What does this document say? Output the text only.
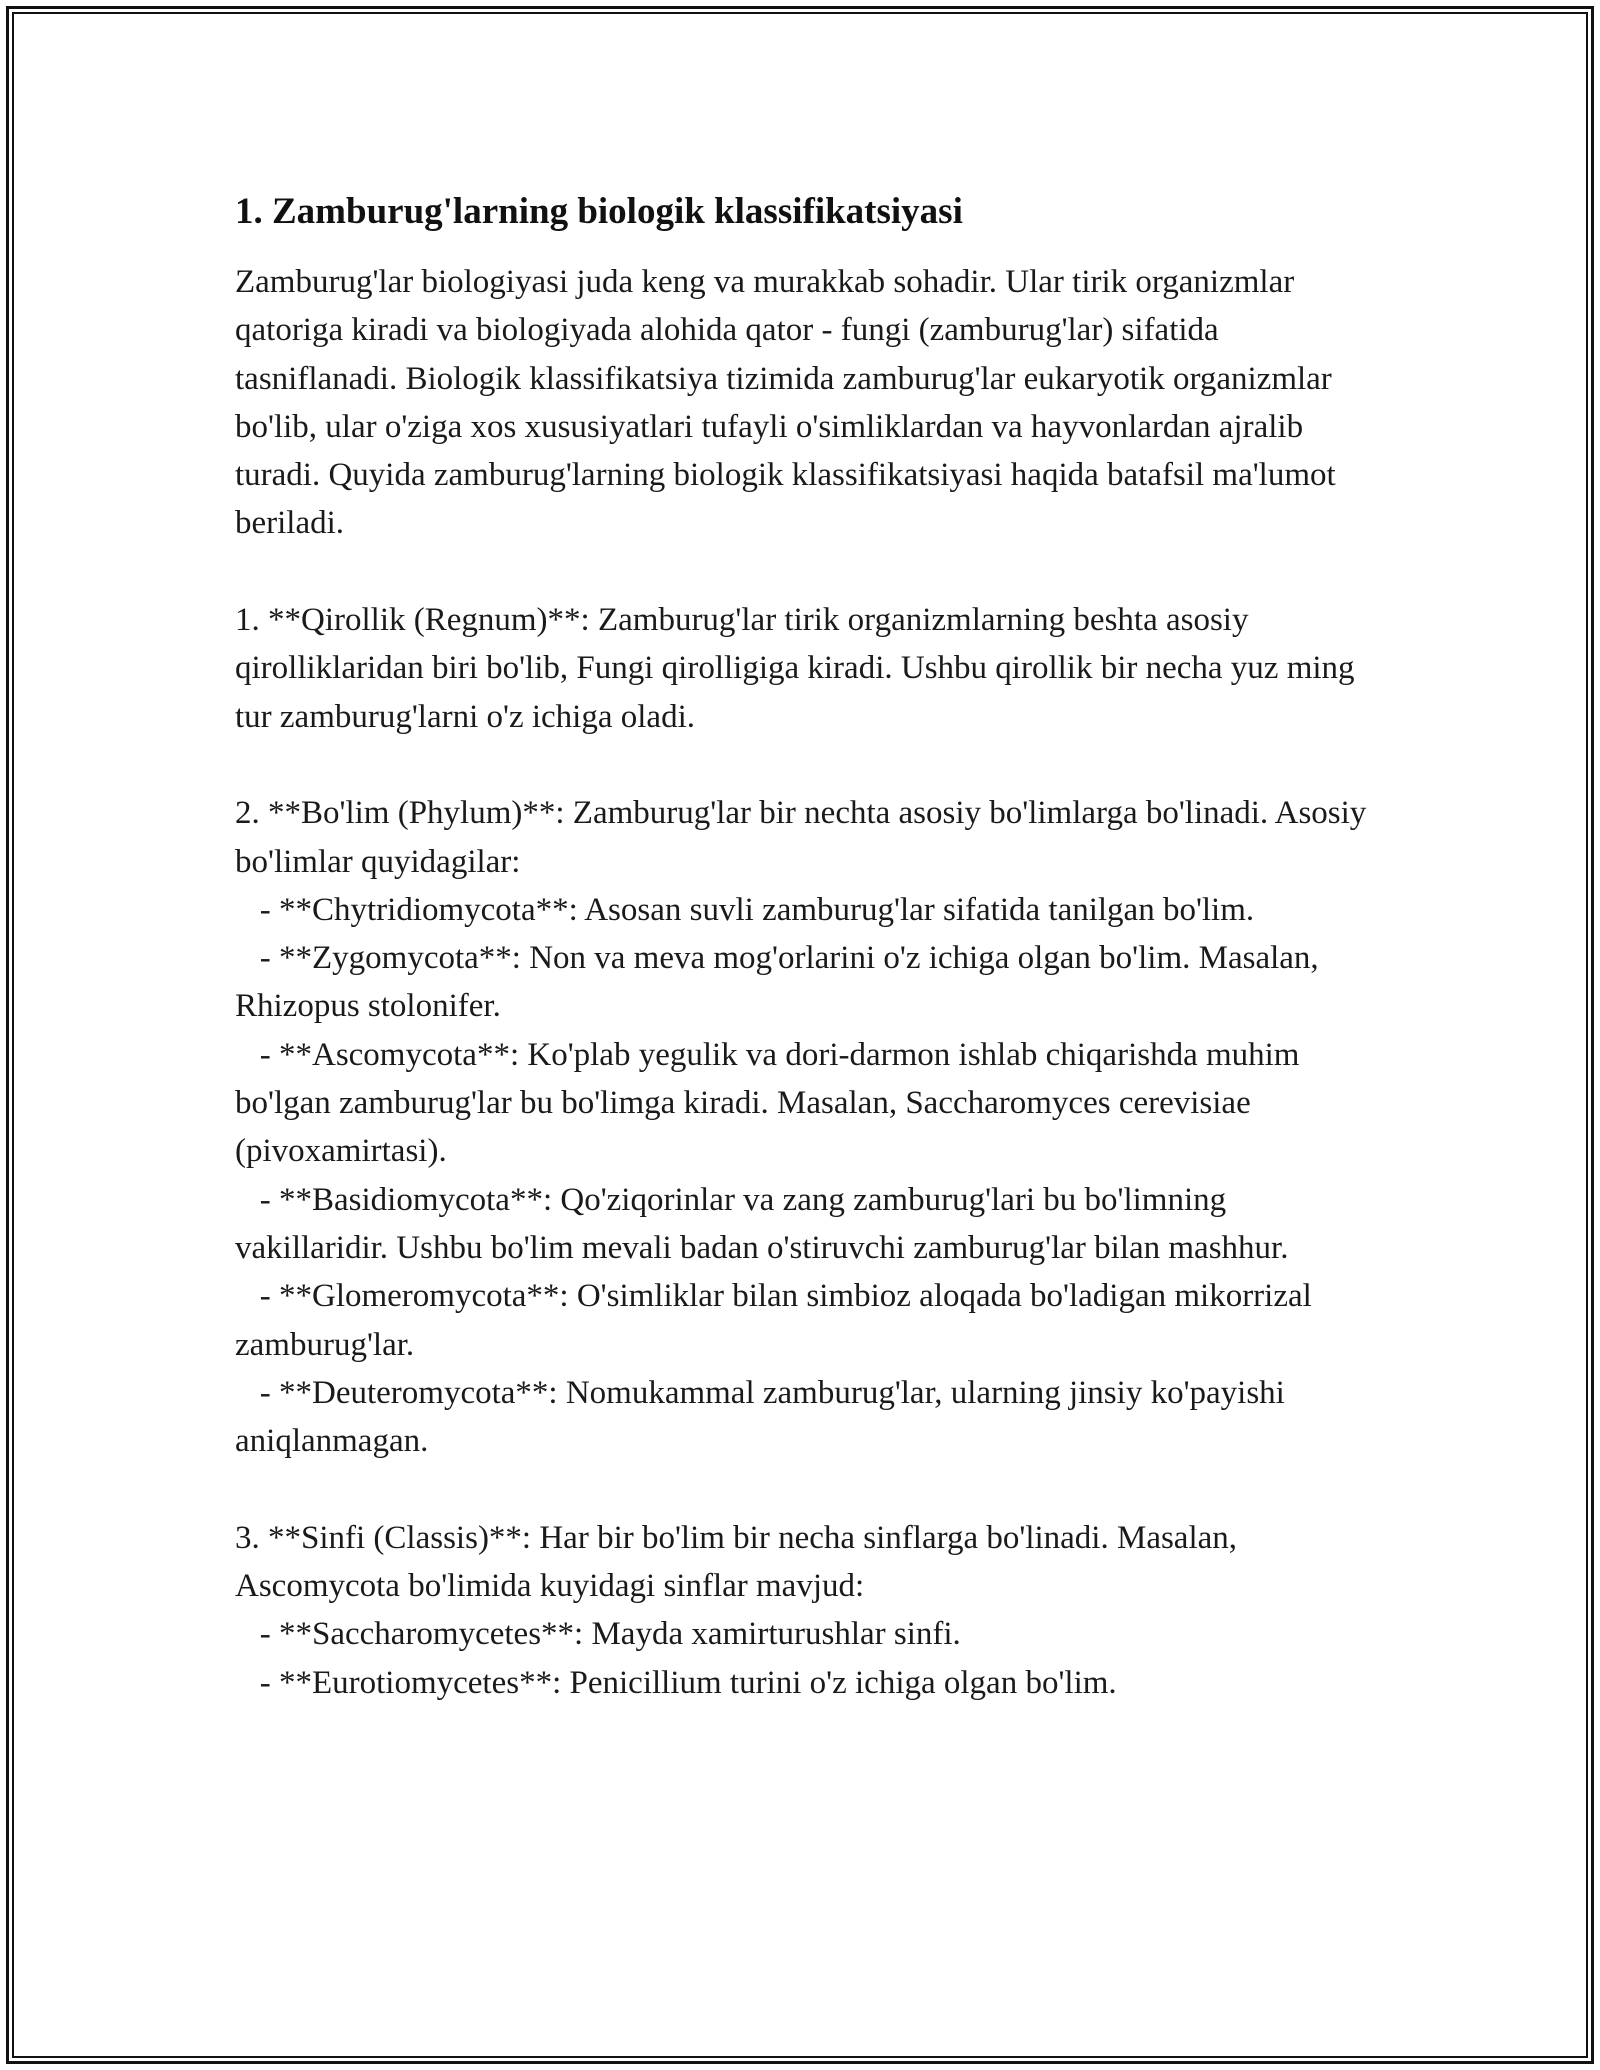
1. Zamburug'larning biologik klassifikatsiyasi

Zamburug'lar biologiyasi juda keng va murakkab sohadir. Ular tirik organizmlar qatoriga kiradi va biologiyada alohida qator - fungi (zamburug'lar) sifatida tasniflanadi. Biologik klassifikatsiya tizimida zamburug'lar eukaryotik organizmlar bo'lib, ular o'ziga xos xususiyatlari tufayli o'simliklardan va hayvonlardan ajralib turadi. Quyida zamburug'larning biologik klassifikatsiyasi haqida batafsil ma'lumot beriladi.

1. **Qirollik (Regnum)**: Zamburug'lar tirik organizmlarning beshta asosiy qirolliklaridan biri bo'lib, Fungi qirolligiga kiradi. Ushbu qirollik bir necha yuz ming tur zamburug'larni o'z ichiga oladi.

2. **Bo'lim (Phylum)**: Zamburug'lar bir nechta asosiy bo'limlarga bo'linadi. Asosiy bo'limlar quyidagilar:

- **Chytridiomycota**: Asosan suvli zamburug'lar sifatida tanilgan bo'lim.
- **Zygomycota**: Non va meva mog'orlarini o'z ichiga olgan bo'lim. Masalan, Rhizopus stolonifer.
- **Ascomycota**: Ko'plab yegulik va dori-darmon ishlab chiqarishda muhim bo'lgan zamburug'lar bu bo'limga kiradi. Masalan, Saccharomyces cerevisiae (pivoxamirtasi).
- **Basidiomycota**: Qo'ziqorinlar va zang zamburug'lari bu bo'limning vakillaridir. Ushbu bo'lim mevali badan o'stiruvchi zamburug'lar bilan mashhur.
- **Glomeromycota**: O'simliklar bilan simbioz aloqada bo'ladigan mikorrizal zamburug'lar.
- **Deuteromycota**: Nomukammal zamburug'lar, ularning jinsiy ko'payishi aniqlanmagan.

3. **Sinfi (Classis)**: Har bir bo'lim bir necha sinflarga bo'linadi. Masalan, Ascomycota bo'limida kuyidagi sinflar mavjud:

- **Saccharomycetes**: Mayda xamirturushlar sinfi.
- **Eurotiomycetes**: Penicillium turini o'z ichiga olgan bo'lim.
